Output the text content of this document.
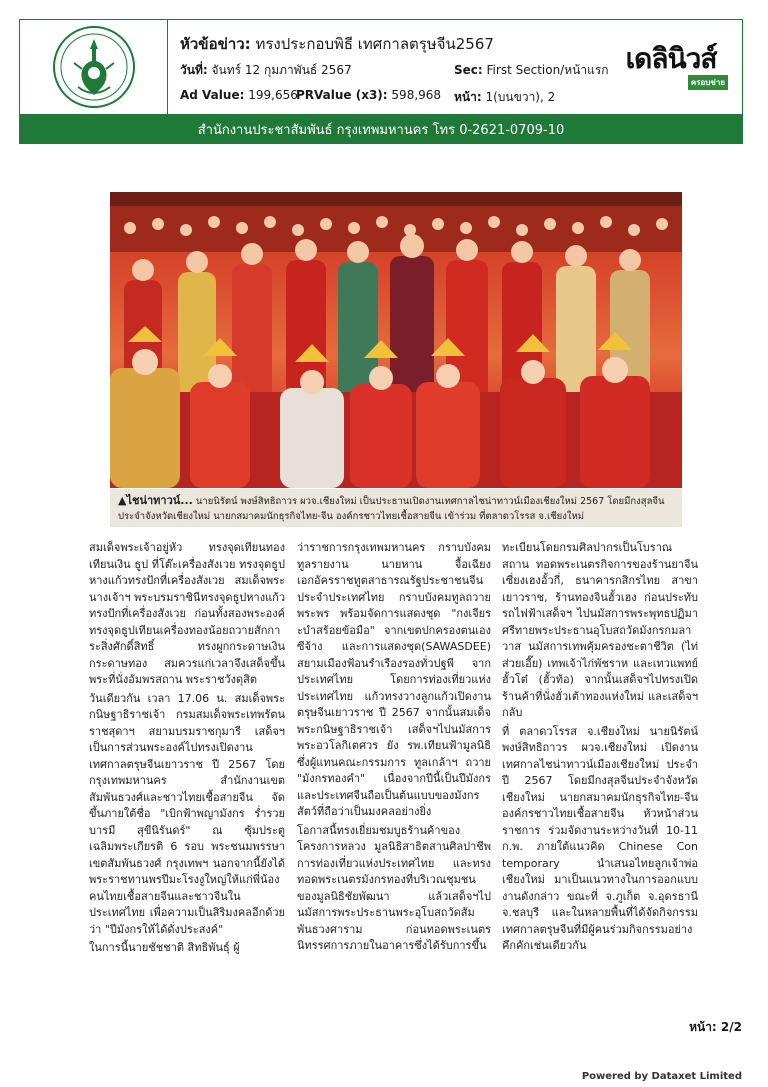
หัวข้อข่าว: ทรงประกอบพิธี เทศกาลตรุษจีน2567
วันที่: จันทร์ 12 กุมภาพันธ์ 2567	Sec: First Section/หน้าแรก
Ad Value: 199,656
PRValue (x3): 598,968 หน้า: 1(บนขวา), 2
เดลินิวส์
ครอบข่าย
สำนักงานประชาสัมพันธ์ กรุงเทพมหานคร โทร 0-2621-0709-10
▲ไชน่าทาวน์... นายนิรัตน์ พงษ์สิทธิถาวร ผวจ.เชียงใหม่ เป็นประธานเปิดงานเทศกาลไชน่าทาวน์เมืองเชียงใหม่ 2567 โดยมีกงสุลจีนประจำจังหวัดเชียงใหม่ นายกสมาคมนักธุรกิจไทย-จีน องค์กรชาวไทยเชื้อสายจีน เข้าร่วม ที่ตลาดวโรรส จ.เชียงใหม่

สมเด็จพระเจ้าอยู่หัว ทรงจุดเทียนทอง เทียนเงิน ธูป ที่โต๊ะเครื่องสังเวย ทรงจุดธูปหางแก้วทรงปักที่เครื่องสังเวย สมเด็จพระนางเจ้าฯ พระบรมราชินีทรงจุดธูปหางแก้วทรงปักที่เครื่องสังเวย ก่อนทั้งสองพระองค์ทรงจุดธูปเทียนเครื่องทองน้อยถวายสักการะสิ่งศักดิ์สิทธิ์ ทรงผูกกระดาษเงิน กระดาษทอง สมควรแก่เวลาจึงเสด็จขึ้นพระที่นั่งอัมพรสถาน พระราชวังดุสิต

วันเดียวกัน เวลา 17.06 น. สมเด็จพระกนิษฐาธิราชเจ้า กรมสมเด็จพระเทพรัตนราชสุดาฯ สยามบรมราชกุมารี เสด็จฯ เป็นการส่วนพระองค์ไปทรงเปิดงานเทศกาลตรุษจีนเยาวราช ปี 2567 โดยกรุงเทพมหานคร สำนักงานเขตสัมพันธวงศ์และชาวไทยเชื้อสายจีน จัดขึ้นภายใต้ชื่อ "เบิกฟ้าพญามังกร ร่ำรวยบารมี สุขีนิรันดร์" ณ ซุ้มประตูเฉลิมพระเกียรติ 6 รอบ พระชนมพรรษา เขตสัมพันธวงศ์ กรุงเทพฯ นอกจากนี้ยังได้พระราชทานพรปีมะโรงงูใหญ่ให้แก่พี่น้องคนไทยเชื้อสายจีนและชาวจีนในประเทศไทย เพื่อความเป็นสิริมงคลอีกด้วยว่า "ปีมังกรให้ได้ดั่งประสงค์"

ในการนี้นายชัชชาติ สิทธิพันธุ์ ผู้

ว่าราชการกรุงเทพมหานคร กราบบังคมทูลรายงาน นายหาน จื้อเฉียง เอกอัครราชทูตสาธารณรัฐประชาชนจีน ประจำประเทศไทย กราบบังคมทูลถวายพระพร พร้อมจัดการแสดงชุด "กงเจียระบำสร้อยข้อมือ" จากเขตปกครองตนเองซีจ้าง และการแสดงชุด(SAWASDEE) สยามเมืองฟ้อนรำเรืองรองทั่วปฐพี จากประเทศไทย โดยการท่องเที่ยวแห่งประเทศไทย แก้วทรงวางลูกแก้วเปิดงานตรุษจีนเยาวราช ปี 2567 จากนั้นสมเด็จพระกนิษฐาธิราชเจ้า เสด็จฯไปนมัสการพระอวโลกิเตศวร ยัง รพ.เทียนฟ้ามูลนิธิ ซึ่งผู้แทนคณะกรรมการ ทูลเกล้าฯ ถวาย "มังกรทองคำ" เนื่องจากปีนี้เป็นปีมังกร และประเทศจีนถือเป็นต้นแบบของมังกร สัตว์ที่ถือว่าเป็นมงคลอย่างยิ่ง

โอกาสนี้ทรงเยี่ยมชมบูธร้านค้าของโครงการหลวง มูลนิธิสาธิตสานศิลปาชีพ การท่องเที่ยวแห่งประเทศไทย และทรงทอดพระเนตรมังกรทองที่บริเวณชุมชนของมูลนิธิชัยพัฒนา แล้วเสด็จฯไปนมัสการพระประธานพระอุโบสถวัดสัมพันธวงศาราม ก่อนทอดพระเนตรนิทรรศการภายในอาคารซึ่งได้รับการขึ้น

ทะเบียนโดยกรมศิลปากรเป็นโบราณสถาน ทอดพระเนตรกิจการของร้านยาจีนเซี่ยงเฮงอั้วกี่, ธนาคารกสิกรไทย สาขาเยาวราช, ร้านทองจินฮั้วเฮง ก่อนประทับรถไฟฟ้าเสด็จฯ ไปนมัสการพระพุทธปฏิมาศรีทายพระประธานอุโบสถวัดมังกรกมลาวาส นมัสการเทพคุ้มครองชะตาชีวิต (ไท่ส่วยเอี๊ย) เทพเจ้าไก่พัชราห และเทวแพทย์ฮั้วโต๋ (ฮั้วท้อ) จากนั้นเสด็จฯไปทรงเปิดร้านค้าที่นั่งฮั่วเต้าทองแห่งใหม่ และเสด็จฯ กลับ

ที่ ตลาดวโรรส จ.เชียงใหม่ นายนิรัตน์ พงษ์สิทธิถาวร ผวจ.เชียงใหม่ เปิดงานเทศกาลไชน่าทาวน์เมืองเชียงใหม่ ประจำปี 2567 โดยมีกงสุลจีนประจำจังหวัดเชียงใหม่ นายกสมาคมนักธุรกิจไทย-จีน องค์กรชาวไทยเชื้อสายจีน หัวหน้าส่วนราชการ ร่วมจัดงานระหว่างวันที่ 10-11 ก.พ. ภายใต้แนวคิด Chinese Con temporary นำเสนอไทยลูกเจ้าพ่อเชียงใหม่ มาเป็นแนวทางในการออกแบบงานดังกล่าว ขณะที่ จ.ภูเก็ต จ.อุดรธานี จ.ชลบุรี และในหลายพื้นที่ได้จัดกิจกรรมเทศกาลตรุษจีนที่มีผู้คนร่วมกิจกรรมอย่างคึกคักเช่นเดียวกัน

หน้า: 2/2
Powered by Dataxet Limited
